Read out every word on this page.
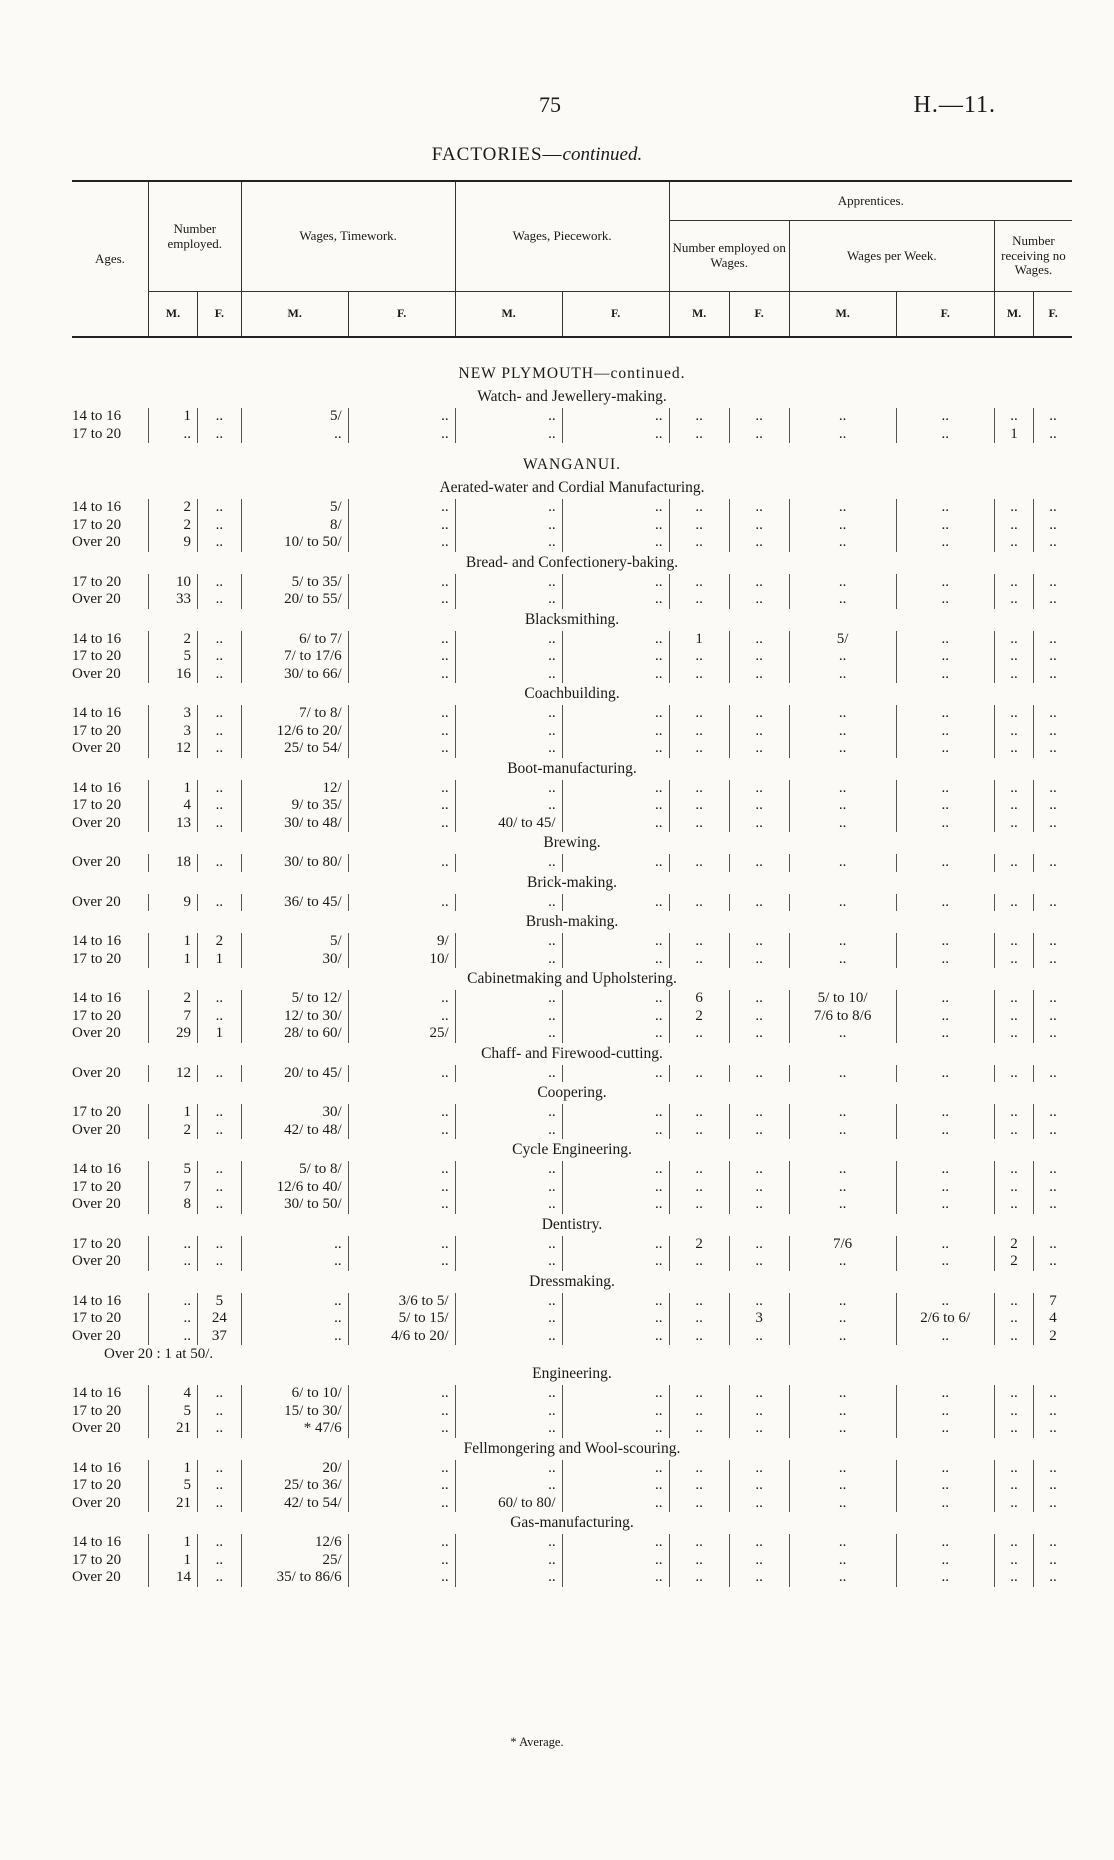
75	H.—11.
FACTORIES—continued.
Ages.	Number employed.		Wages, Timework.		Wages, Piecework.		Apprentices.					
							Number employed on Wages.		Wages per Week.		Number receiving no Wages.	
	M.	F.	M.	F.	M.	F.	M.	F.	M.	F.	M.	F.
NEW PLYMOUTH—continued.												
Watch- and Jewellery-making.												
14 to 16	1	..	5/	..	..	..	..	..	..	..	..	..
17 to 20	..	..	..	..	..	..	..	..	..	..	1	..

WANGANUI.												
Aerated-water and Cordial Manufacturing.												
14 to 16	2	..	5/	..	..	..	..	..	..	..	..	..
17 to 20	2	..	8/	..	..	..	..	..	..	..	..	..
Over 20	9	..	10/ to 50/	..	..	..	..	..	..	..	..	..
Bread- and Confectionery-baking.												
17 to 20	10	..	5/ to 35/	..	..	..	..	..	..	..	..	..
Over 20	33	..	20/ to 55/	..	..	..	..	..	..	..	..	..
Blacksmithing.												
14 to 16	2	..	6/ to 7/	..	..	..	1	..	5/	..	..	..
17 to 20	5	..	7/ to 17/6	..	..	..	..	..	..	..	..	..
Over 20	16	..	30/ to 66/	..	..	..	..	..	..	..	..	..
Coachbuilding.												
14 to 16	3	..	7/ to 8/	..	..	..	..	..	..	..	..	..
17 to 20	3	..	12/6 to 20/	..	..	..	..	..	..	..	..	..
Over 20	12	..	25/ to 54/	..	..	..	..	..	..	..	..	..
Boot-manufacturing.												
14 to 16	1	..	12/	..	..	..	..	..	..	..	..	..
17 to 20	4	..	9/ to 35/	..	..	..	..	..	..	..	..	..
Over 20	13	..	30/ to 48/	..	40/ to 45/	..	..	..	..	..	..	..
Brewing.												
Over 20	18	..	30/ to 80/	..	..	..	..	..	..	..	..	..
Brick-making.												
Over 20	9	..	36/ to 45/	..	..	..	..	..	..	..	..	..
Brush-making.												
14 to 16	1	2	5/	9/	..	..	..	..	..	..	..	..
17 to 20	1	1	30/	10/	..	..	..	..	..	..	..	..
Cabinetmaking and Upholstering.												
14 to 16	2	..	5/ to 12/	..	..	..	6	..	5/ to 10/	..	..	..
17 to 20	7	..	12/ to 30/	..	..	..	2	..	7/6 to 8/6	..	..	..
Over 20	29	1	28/ to 60/	25/	..	..	..	..	..	..	..	..
Chaff- and Firewood-cutting.												
Over 20	12	..	20/ to 45/	..	..	..	..	..	..	..	..	..
Coopering.												
17 to 20	1	..	30/	..	..	..	..	..	..	..	..	..
Over 20	2	..	42/ to 48/	..	..	..	..	..	..	..	..	..
Cycle Engineering.												
14 to 16	5	..	5/ to 8/	..	..	..	..	..	..	..	..	..
17 to 20	7	..	12/6 to 40/	..	..	..	..	..	..	..	..	..
Over 20	8	..	30/ to 50/	..	..	..	..	..	..	..	..	..
Dentistry.												
17 to 20	..	..	..	..	..	..	2	..	7/6	..	2	..
Over 20	..	..	..	..	..	..	..	..	..	..	2	..
Dressmaking.												
14 to 16	..	5	..	3/6 to 5/	..	..	..	..	..	..	..	7
17 to 20	..	24	..	5/ to 15/	..	..	..	3	..	2/6 to 6/	..	4
Over 20	..	37	..	4/6 to 20/	..	..	..	..	..	..	..	2
Over 20 : 1 at 50/.												
Engineering.												
14 to 16	4	..	6/ to 10/	..	..	..	..	..	..	..	..	..
17 to 20	5	..	15/ to 30/	..	..	..	..	..	..	..	..	..
Over 20	21	..	* 47/6	..	..	..	..	..	..	..	..	..
Fellmongering and Wool-scouring.												
14 to 16	1	..	20/	..	..	..	..	..	..	..	..	..
17 to 20	5	..	25/ to 36/	..	..	..	..	..	..	..	..	..
Over 20	21	..	42/ to 54/	..	60/ to 80/	..	..	..	..	..	..	..
Gas-manufacturing.												
14 to 16	1	..	12/6	..	..	..	..	..	..	..	..	..
17 to 20	1	..	25/	..	..	..	..	..	..	..	..	..
Over 20	14	..	35/ to 86/6	..	..	..	..	..	..	..	..	..
* Average.
